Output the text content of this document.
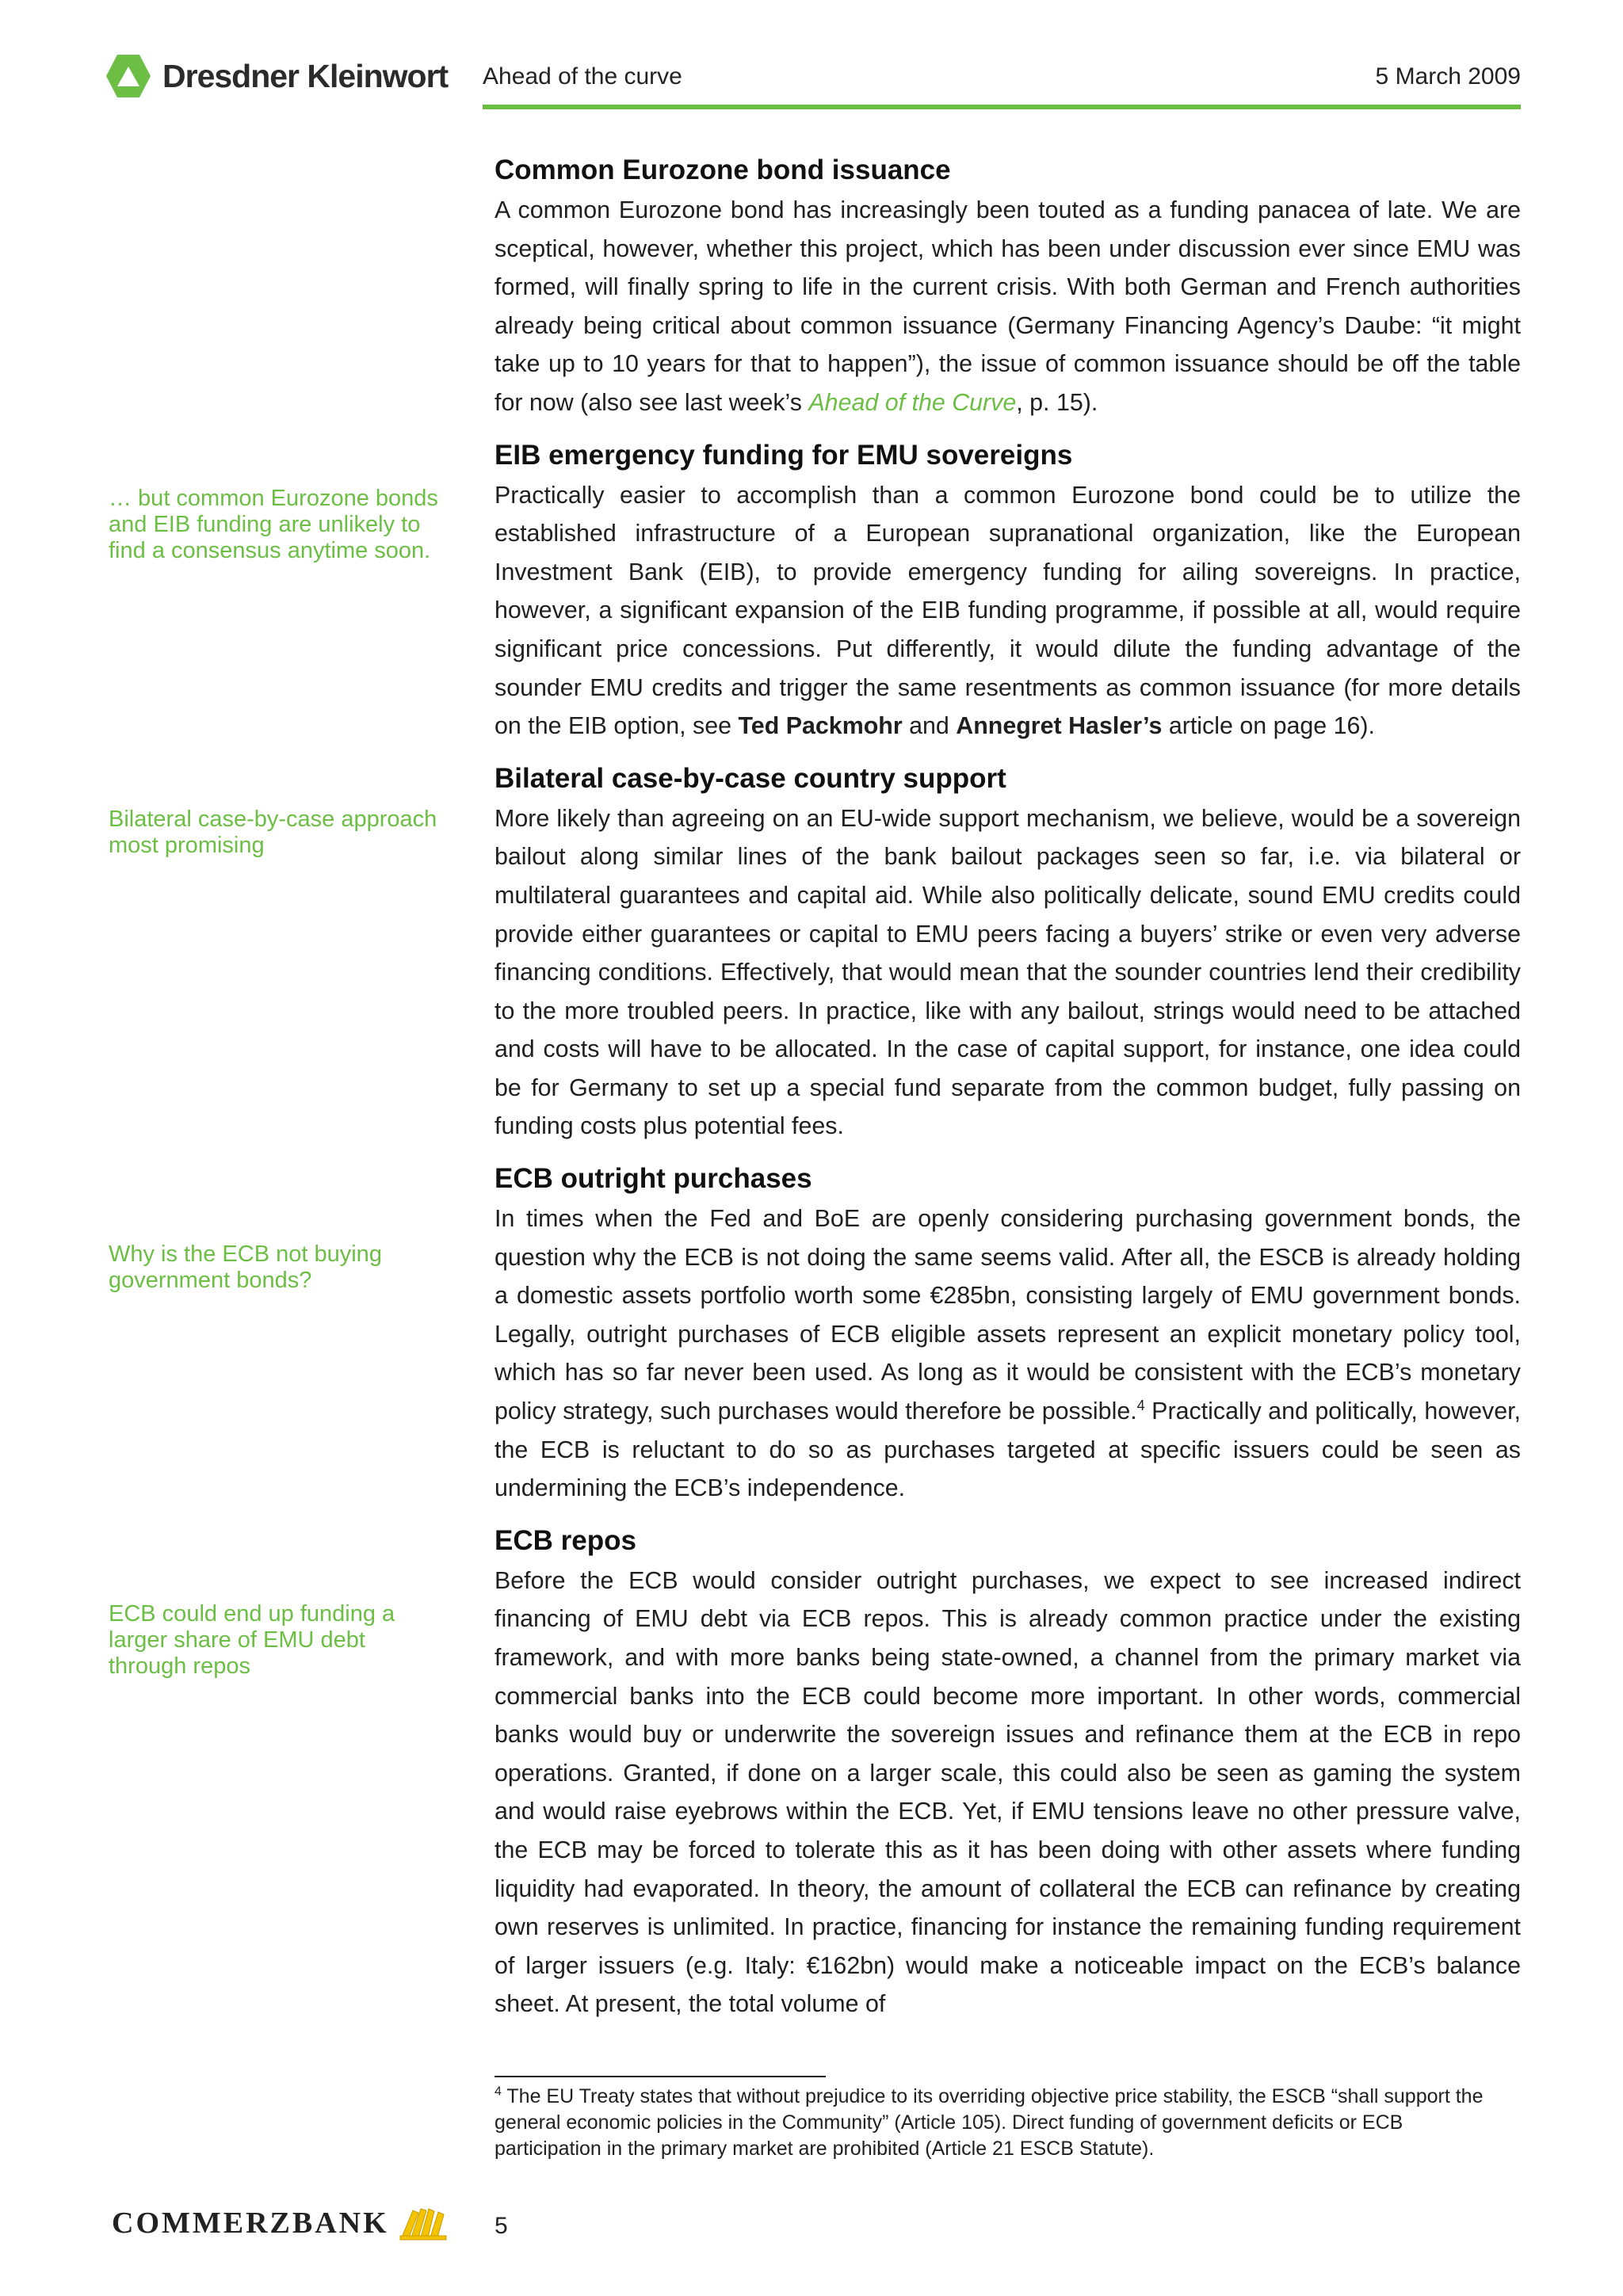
Dresdner Kleinwort Ahead of the curve	5 March 2009
… but common Eurozone bonds and EIB funding are unlikely to find a consensus anytime soon.
Bilateral case-by-case approach most promising
Why is the ECB not buying government bonds?
ECB could end up funding a larger share of EMU debt through repos
Common Eurozone bond issuance

A common Eurozone bond has increasingly been touted as a funding panacea of late. We are sceptical, however, whether this project, which has been under discussion ever since EMU was formed, will finally spring to life in the current crisis. With both German and French authorities already being critical about common issuance (Germany Financing Agency’s Daube: “it might take up to 10 years for that to happen”), the issue of common issuance should be off the table for now (also see last week’s Ahead of the Curve, p. 15).

EIB emergency funding for EMU sovereigns

Practically easier to accomplish than a common Eurozone bond could be to utilize the established infrastructure of a European supranational organization, like the European Investment Bank (EIB), to provide emergency funding for ailing sovereigns. In practice, however, a significant expansion of the EIB funding programme, if possible at all, would require significant price concessions. Put differently, it would dilute the funding advantage of the sounder EMU credits and trigger the same resentments as common issuance (for more details on the EIB option, see Ted Packmohr and Annegret Hasler’s article on page 16).

Bilateral case-by-case country support

More likely than agreeing on an EU-wide support mechanism, we believe, would be a sovereign bailout along similar lines of the bank bailout packages seen so far, i.e. via bilateral or multilateral guarantees and capital aid. While also politically delicate, sound EMU credits could provide either guarantees or capital to EMU peers facing a buyers’ strike or even very adverse financing conditions. Effectively, that would mean that the sounder countries lend their credibility to the more troubled peers. In practice, like with any bailout, strings would need to be attached and costs will have to be allocated. In the case of capital support, for instance, one idea could be for Germany to set up a special fund separate from the common budget, fully passing on funding costs plus potential fees.

ECB outright purchases

In times when the Fed and BoE are openly considering purchasing government bonds, the question why the ECB is not doing the same seems valid. After all, the ESCB is already holding a domestic assets portfolio worth some €285bn, consisting largely of EMU government bonds. Legally, outright purchases of ECB eligible assets represent an explicit monetary policy tool, which has so far never been used. As long as it would be consistent with the ECB’s monetary policy strategy, such purchases would therefore be possible.$^4$ Practically and politically, however, the ECB is reluctant to do so as purchases targeted at specific issuers could be seen as undermining the ECB’s independence.

ECB repos

Before the ECB would consider outright purchases, we expect to see increased indirect financing of EMU debt via ECB repos. This is already common practice under the existing framework, and with more banks being state-owned, a channel from the primary market via commercial banks into the ECB could become more important. In other words, commercial banks would buy or underwrite the sovereign issues and refinance them at the ECB in repo operations. Granted, if done on a larger scale, this could also be seen as gaming the system and would raise eyebrows within the ECB. Yet, if EMU tensions leave no other pressure valve, the ECB may be forced to tolerate this as it has been doing with other assets where funding liquidity had evaporated. In theory, the amount of collateral the ECB can refinance by creating own reserves is unlimited. In practice, financing for instance the remaining funding requirement of larger issuers (e.g. Italy: €162bn) would make a noticeable impact on the ECB’s balance sheet. At present, the total volume of

$^4$ The EU Treaty states that without prejudice to its overriding objective price stability, the ESCB “shall support the general economic policies in the Community” (Article 105). Direct funding of government deficits or ECB participation in the primary market are prohibited (Article 21 ESCB Statute).
COMMERZBANK	5
